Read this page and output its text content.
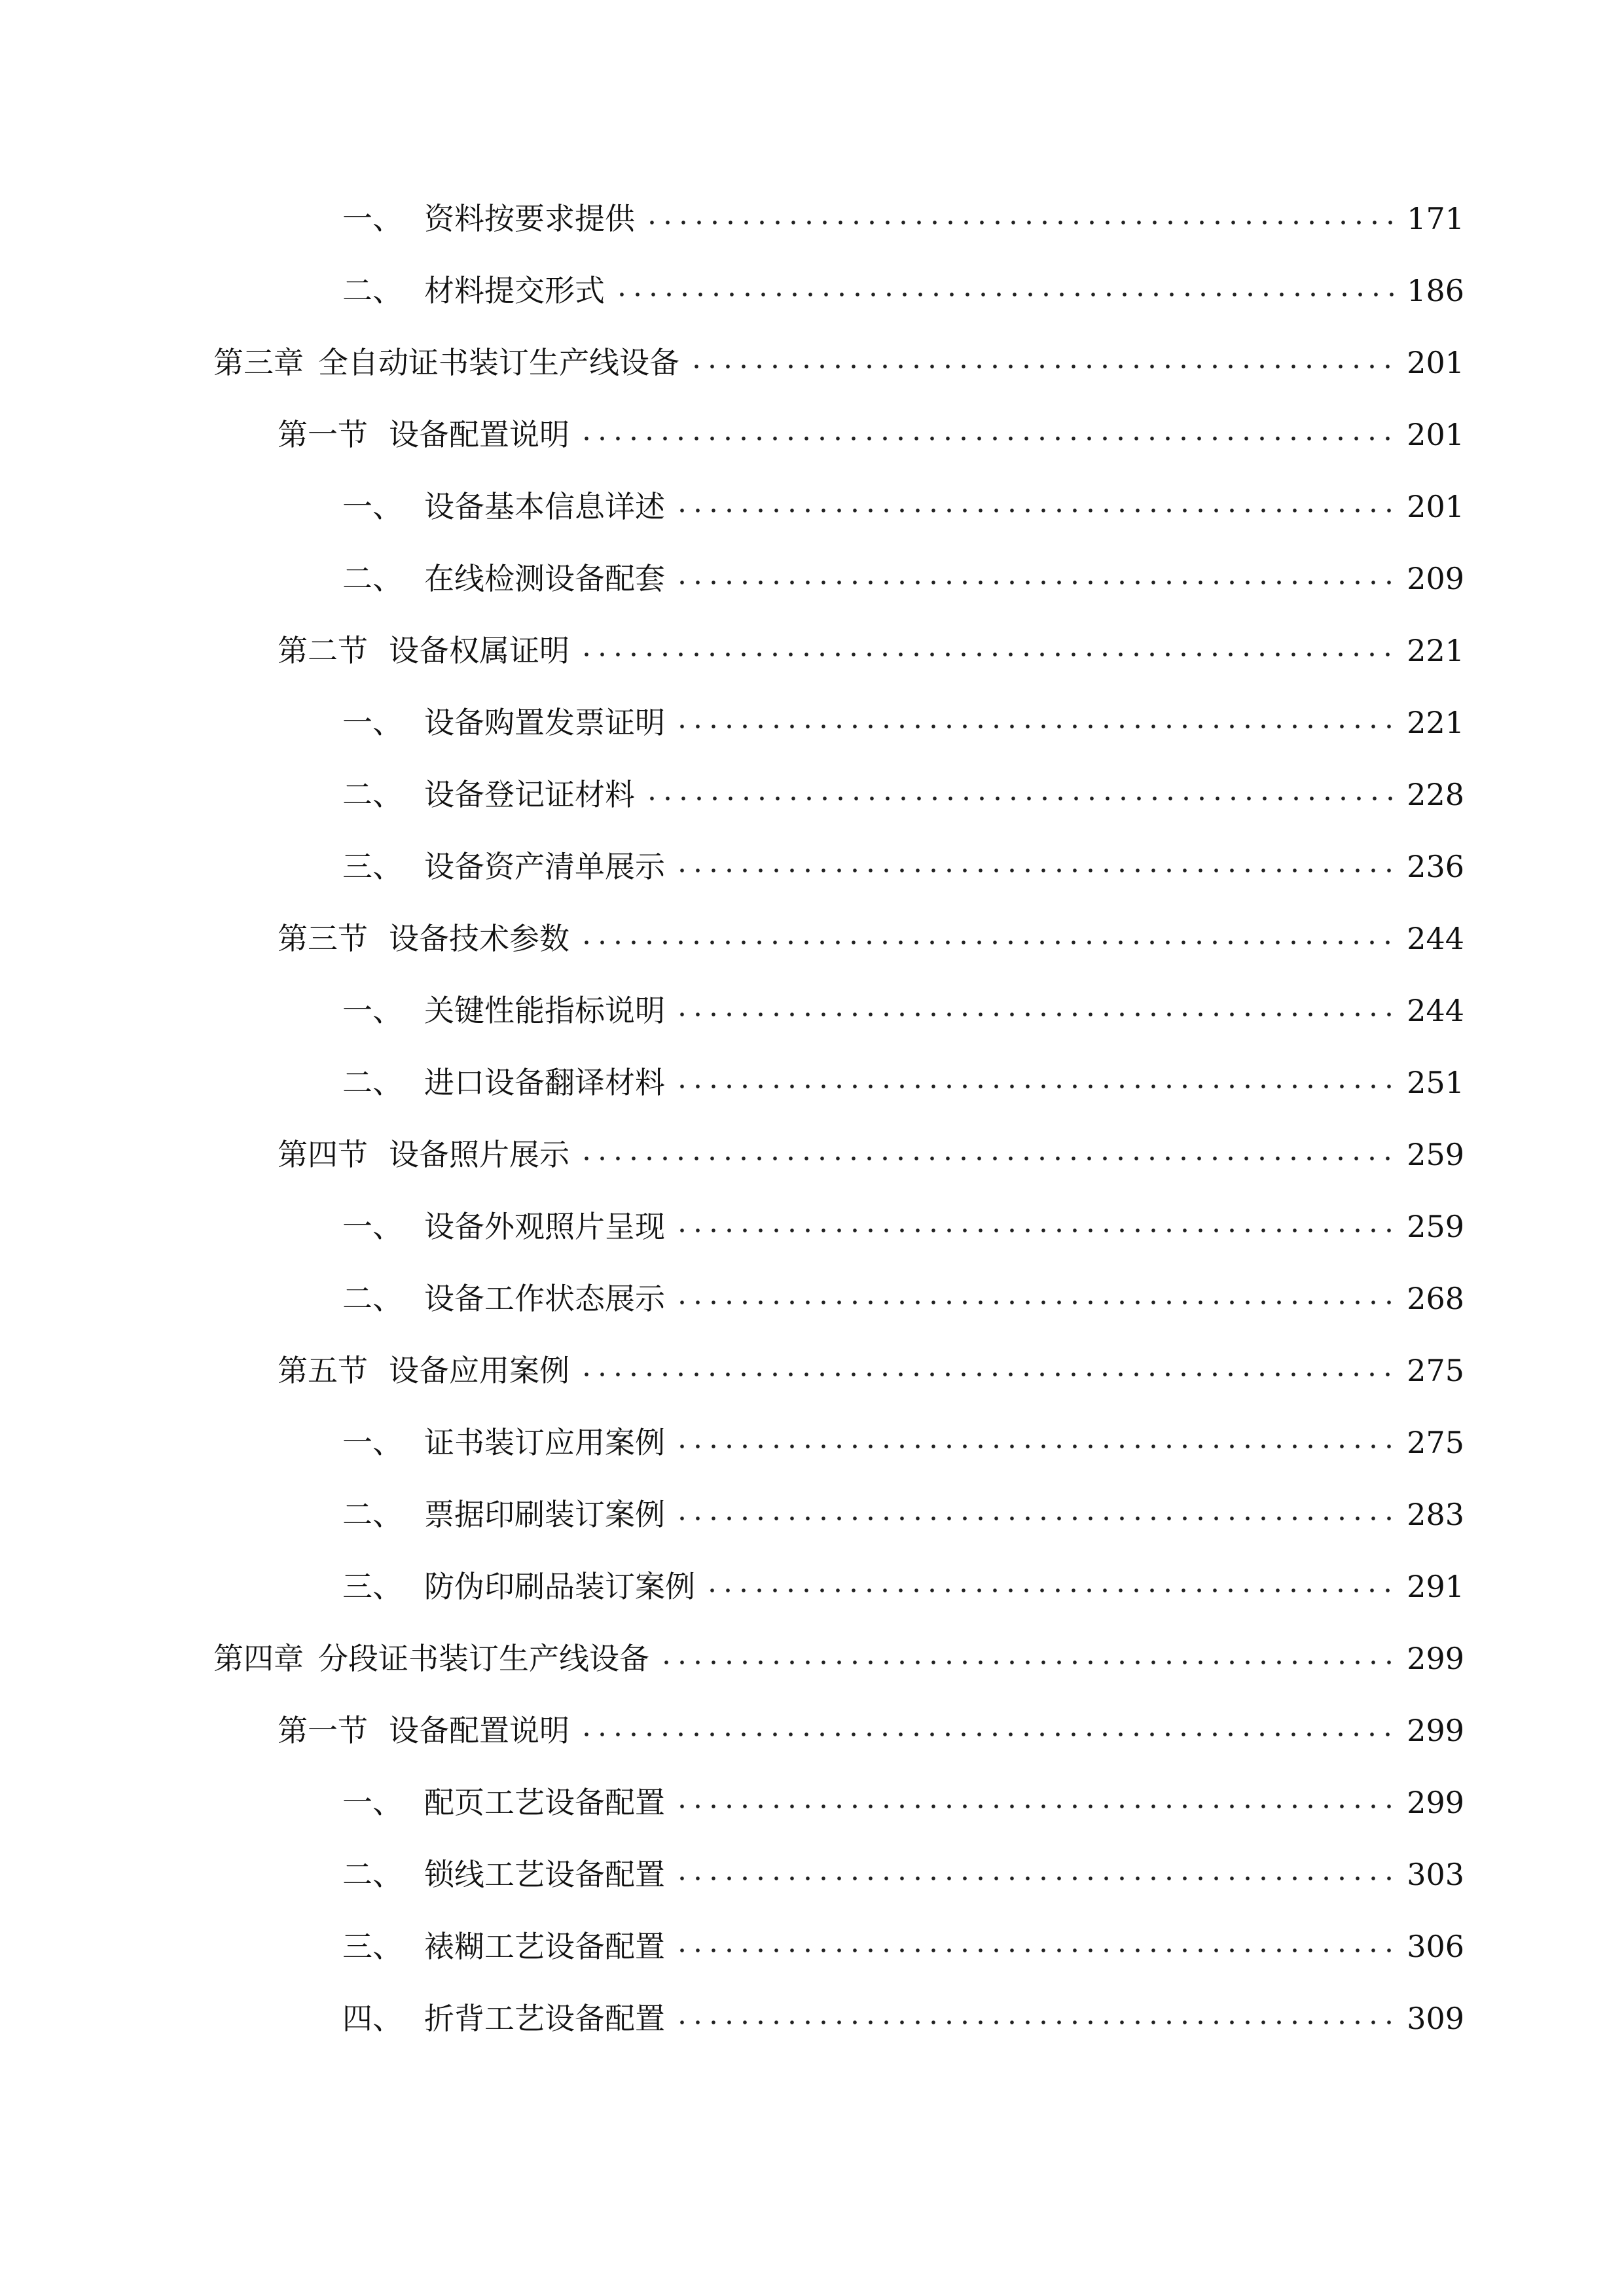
一、 资料按要求提供	171
二、 材料提交形式	186
第三章 全自动证书装订生产线设备	201
第一节 设备配置说明	201
一、 设备基本信息详述	201
二、 在线检测设备配套	209
第二节 设备权属证明	221
一、 设备购置发票证明	221
二、 设备登记证材料	228
三、 设备资产清单展示	236
第三节 设备技术参数	244
一、 关键性能指标说明	244
二、 进口设备翻译材料	251
第四节 设备照片展示	259
一、 设备外观照片呈现	259
二、 设备工作状态展示	268
第五节 设备应用案例	275
一、 证书装订应用案例	275
二、 票据印刷装订案例	283
三、 防伪印刷品装订案例	291
第四章 分段证书装订生产线设备	299
第一节 设备配置说明	299
一、 配页工艺设备配置	299
二、 锁线工艺设备配置	303
三、 裱糊工艺设备配置	306
四、 折背工艺设备配置	309
